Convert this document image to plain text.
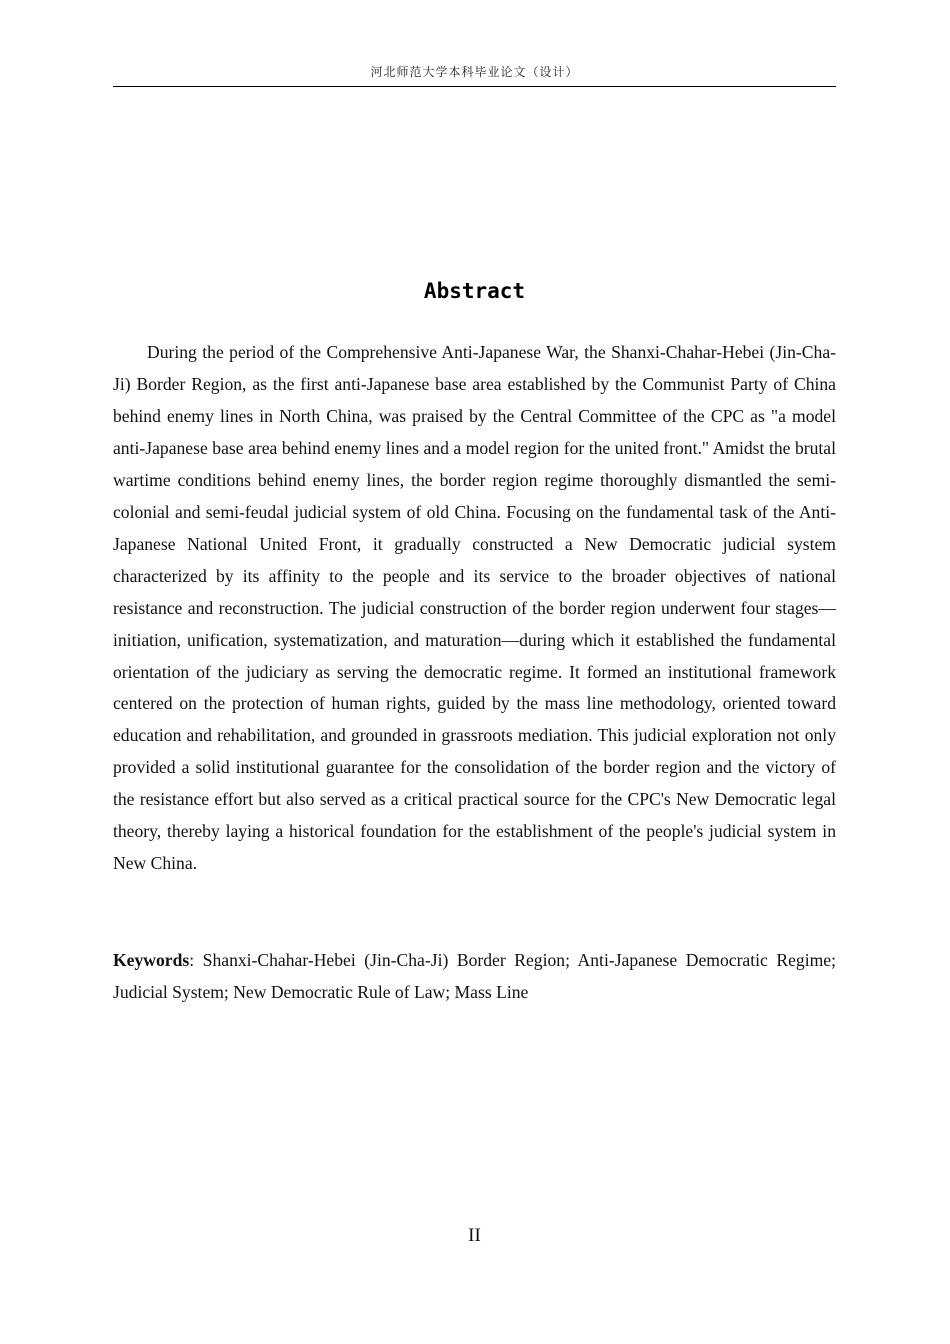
河北师范大学本科毕业论文（设计）
Abstract

During the period of the Comprehensive Anti-Japanese War, the Shanxi-Chahar-Hebei (Jin-Cha-Ji) Border Region, as the first anti-Japanese base area established by the Communist Party of China behind enemy lines in North China, was praised by the Central Committee of the CPC as "a model anti-Japanese base area behind enemy lines and a model region for the united front." Amidst the brutal wartime conditions behind enemy lines, the border region regime thoroughly dismantled the semi-colonial and semi-feudal judicial system of old China. Focusing on the fundamental task of the Anti-Japanese National United Front, it gradually constructed a New Democratic judicial system characterized by its affinity to the people and its service to the broader objectives of national resistance and reconstruction. The judicial construction of the border region underwent four stages—initiation, unification, systematization, and maturation—during which it established the fundamental orientation of the judiciary as serving the democratic regime. It formed an institutional framework centered on the protection of human rights, guided by the mass line methodology, oriented toward education and rehabilitation, and grounded in grassroots mediation. This judicial exploration not only provided a solid institutional guarantee for the consolidation of the border region and the victory of the resistance effort but also served as a critical practical source for the CPC's New Democratic legal theory, thereby laying a historical foundation for the establishment of the people's judicial system in New China.

Keywords: Shanxi-Chahar-Hebei (Jin-Cha-Ji) Border Region; Anti-Japanese Democratic Regime; Judicial System; New Democratic Rule of Law; Mass Line

II
